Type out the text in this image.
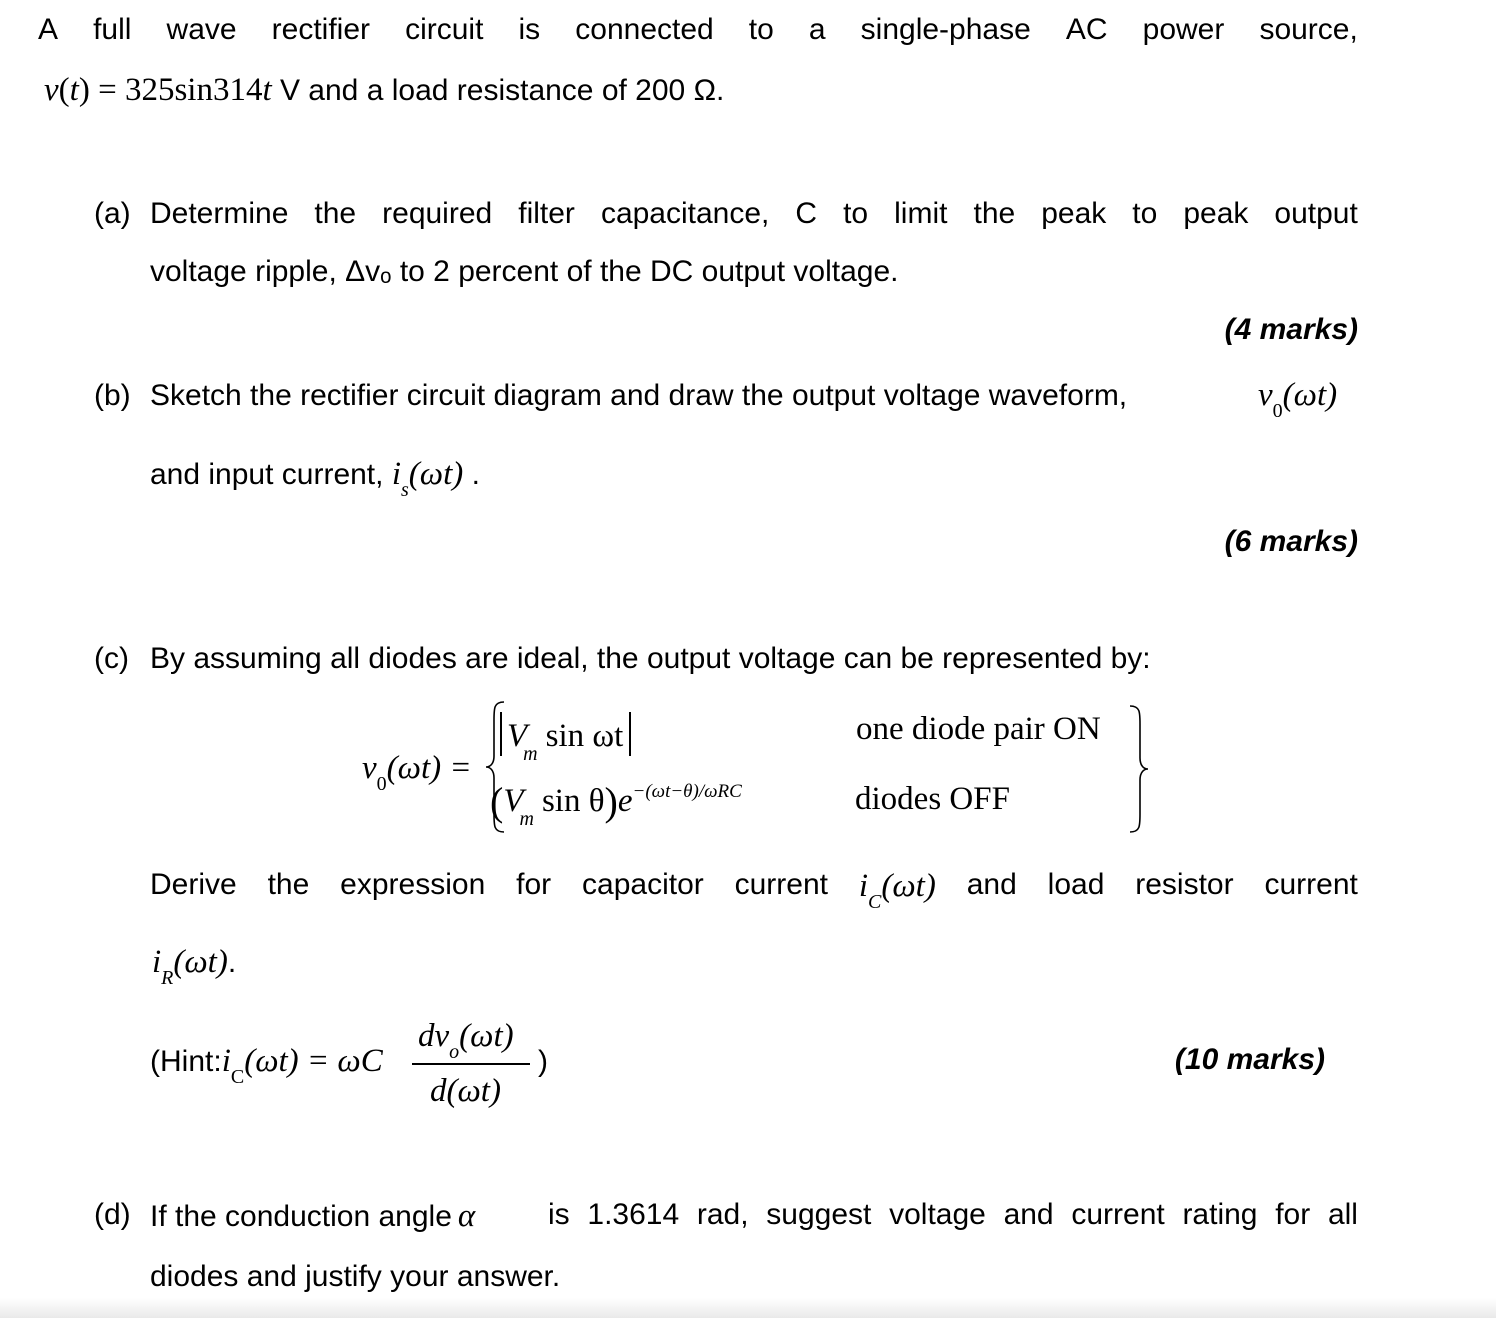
A full wave rectifier circuit is connected to a single-phase AC power source,
v(t) = 325sin314t V and a load resistance of 200 Ω.
(a) Determine the required filter capacitance, C to limit the peak to peak output
voltage ripple, Δvₒ to 2 percent of the DC output voltage.
(4 marks)
(b) Sketch the rectifier circuit diagram and draw the output voltage waveform,	$v_0(\omega t)$
and input current, $i_s(\omega t)$ .
(6 marks)
(c) By assuming all diodes are ideal, the output voltage can be represented by:
$v_0(\omega t)$ =
$V_m$ sin ωt	one diode pair ON
($V_m$ $\sin \theta)e^{-(\omega t-\theta)/\omega RC}$	diodes OFF
Derive the expression for capacitor current $i_C(\omega t)$ and load resistor current
$i_R(\omega t)$.
($Hint:i_C(\omega t) = \omega C$
$dv_o(\omega t)$
d(ωt)
)	(10 marks)
(d) If the conduction angle α is 1.3614 rad, suggest voltage and current rating for all
diodes and justify your answer.
